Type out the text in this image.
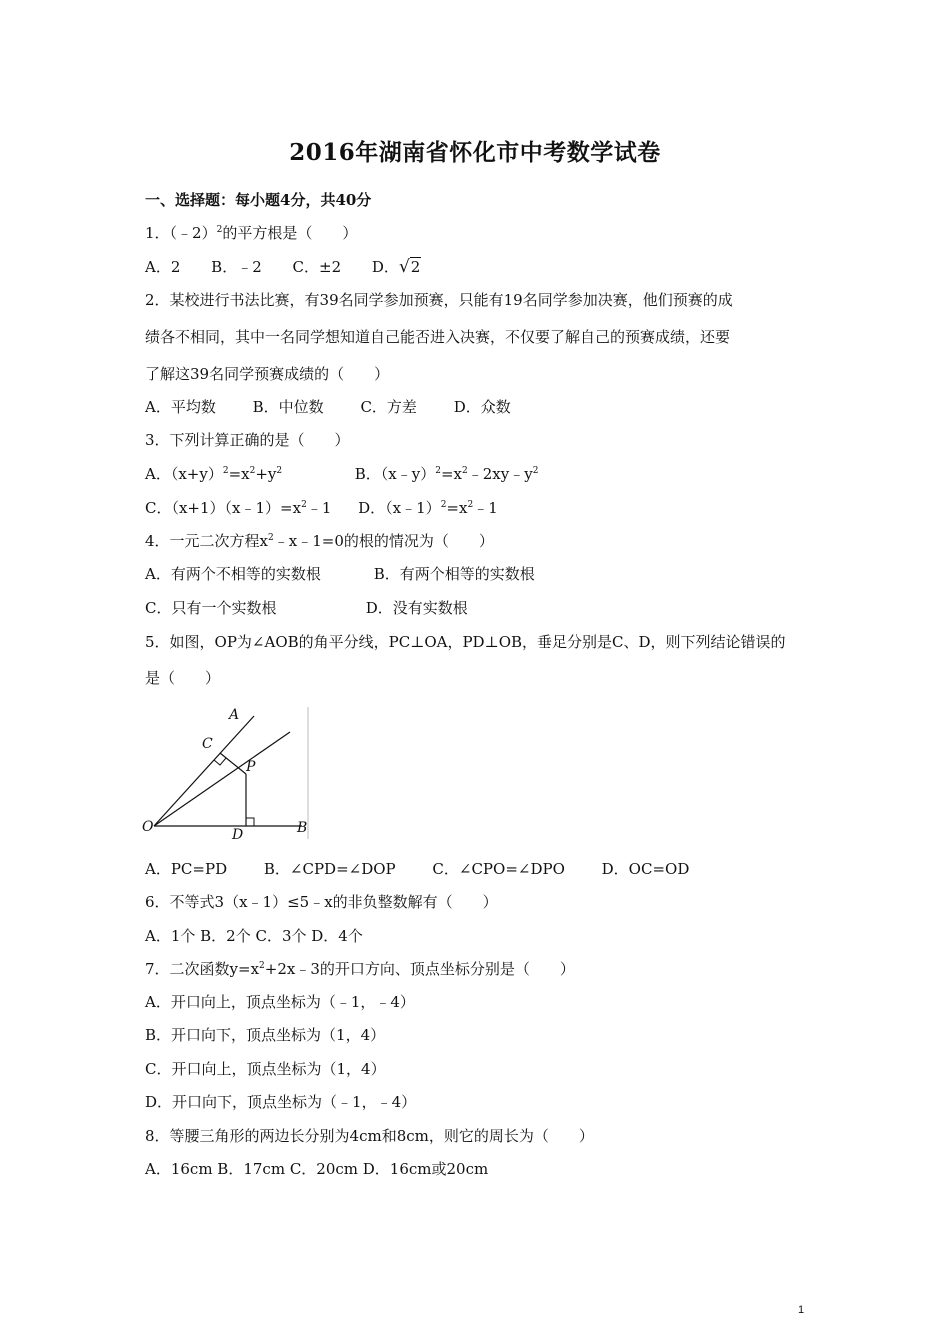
2016年湖南省怀化市中考数学试卷
一、选择题：每小题4分，共40分
1．（﹣2）$^2$的平方根是（　　）
A．2 B．﹣2 C．±2 D．√2
2．某校进行书法比赛，有39名同学参加预赛，只能有19名同学参加决赛，他们预赛的成
绩各不相同，其中一名同学想知道自己能否进入决赛，不仅要了解自己的预赛成绩，还要
了解这39名同学预赛成绩的（　　）
A．平均数 B．中位数 C．方差 D．众数
3．下列计算正确的是（　　）
A．$(x+y)^2=x^2+y^2$	B．$(x﹣y)^2=x^2﹣2xy﹣y^2$
C．$(x+1)(x﹣1)=x^2﹣1$ D．$(x﹣1)^2=x^2﹣1$
4．一元二次方程$x^2﹣x﹣1=0$的根的情况为（　　）
A．有两个不相等的实数根	B．有两个相等的实数根
C．只有一个实数根	D．没有实数根
5．如图，OP为∠AOB的角平分线，PC⊥OA，PD⊥OB，垂足分别是C、D，则下列结论错误的
是（　　）
A
C
P
O	D	B
A．PC=PD B．∠CPD=∠DOP C．∠CPO=∠DPO D．OC=OD
6．不等式3（x﹣1）≤5﹣x的非负整数解有（　　）
A．1个 B．2个 C．3个 D．4个
7．二次函数$y=x^2+2x﹣3$的开口方向、顶点坐标分别是（　　）
A．开口向上，顶点坐标为（﹣1，﹣4）
B．开口向下，顶点坐标为（1，4）
C．开口向上，顶点坐标为（1，4）
D．开口向下，顶点坐标为（﹣1，﹣4）
8．等腰三角形的两边长分别为4cm和8cm，则它的周长为（　　）
A．16cm B．17cm C．20cm D．16cm或20cm
1
